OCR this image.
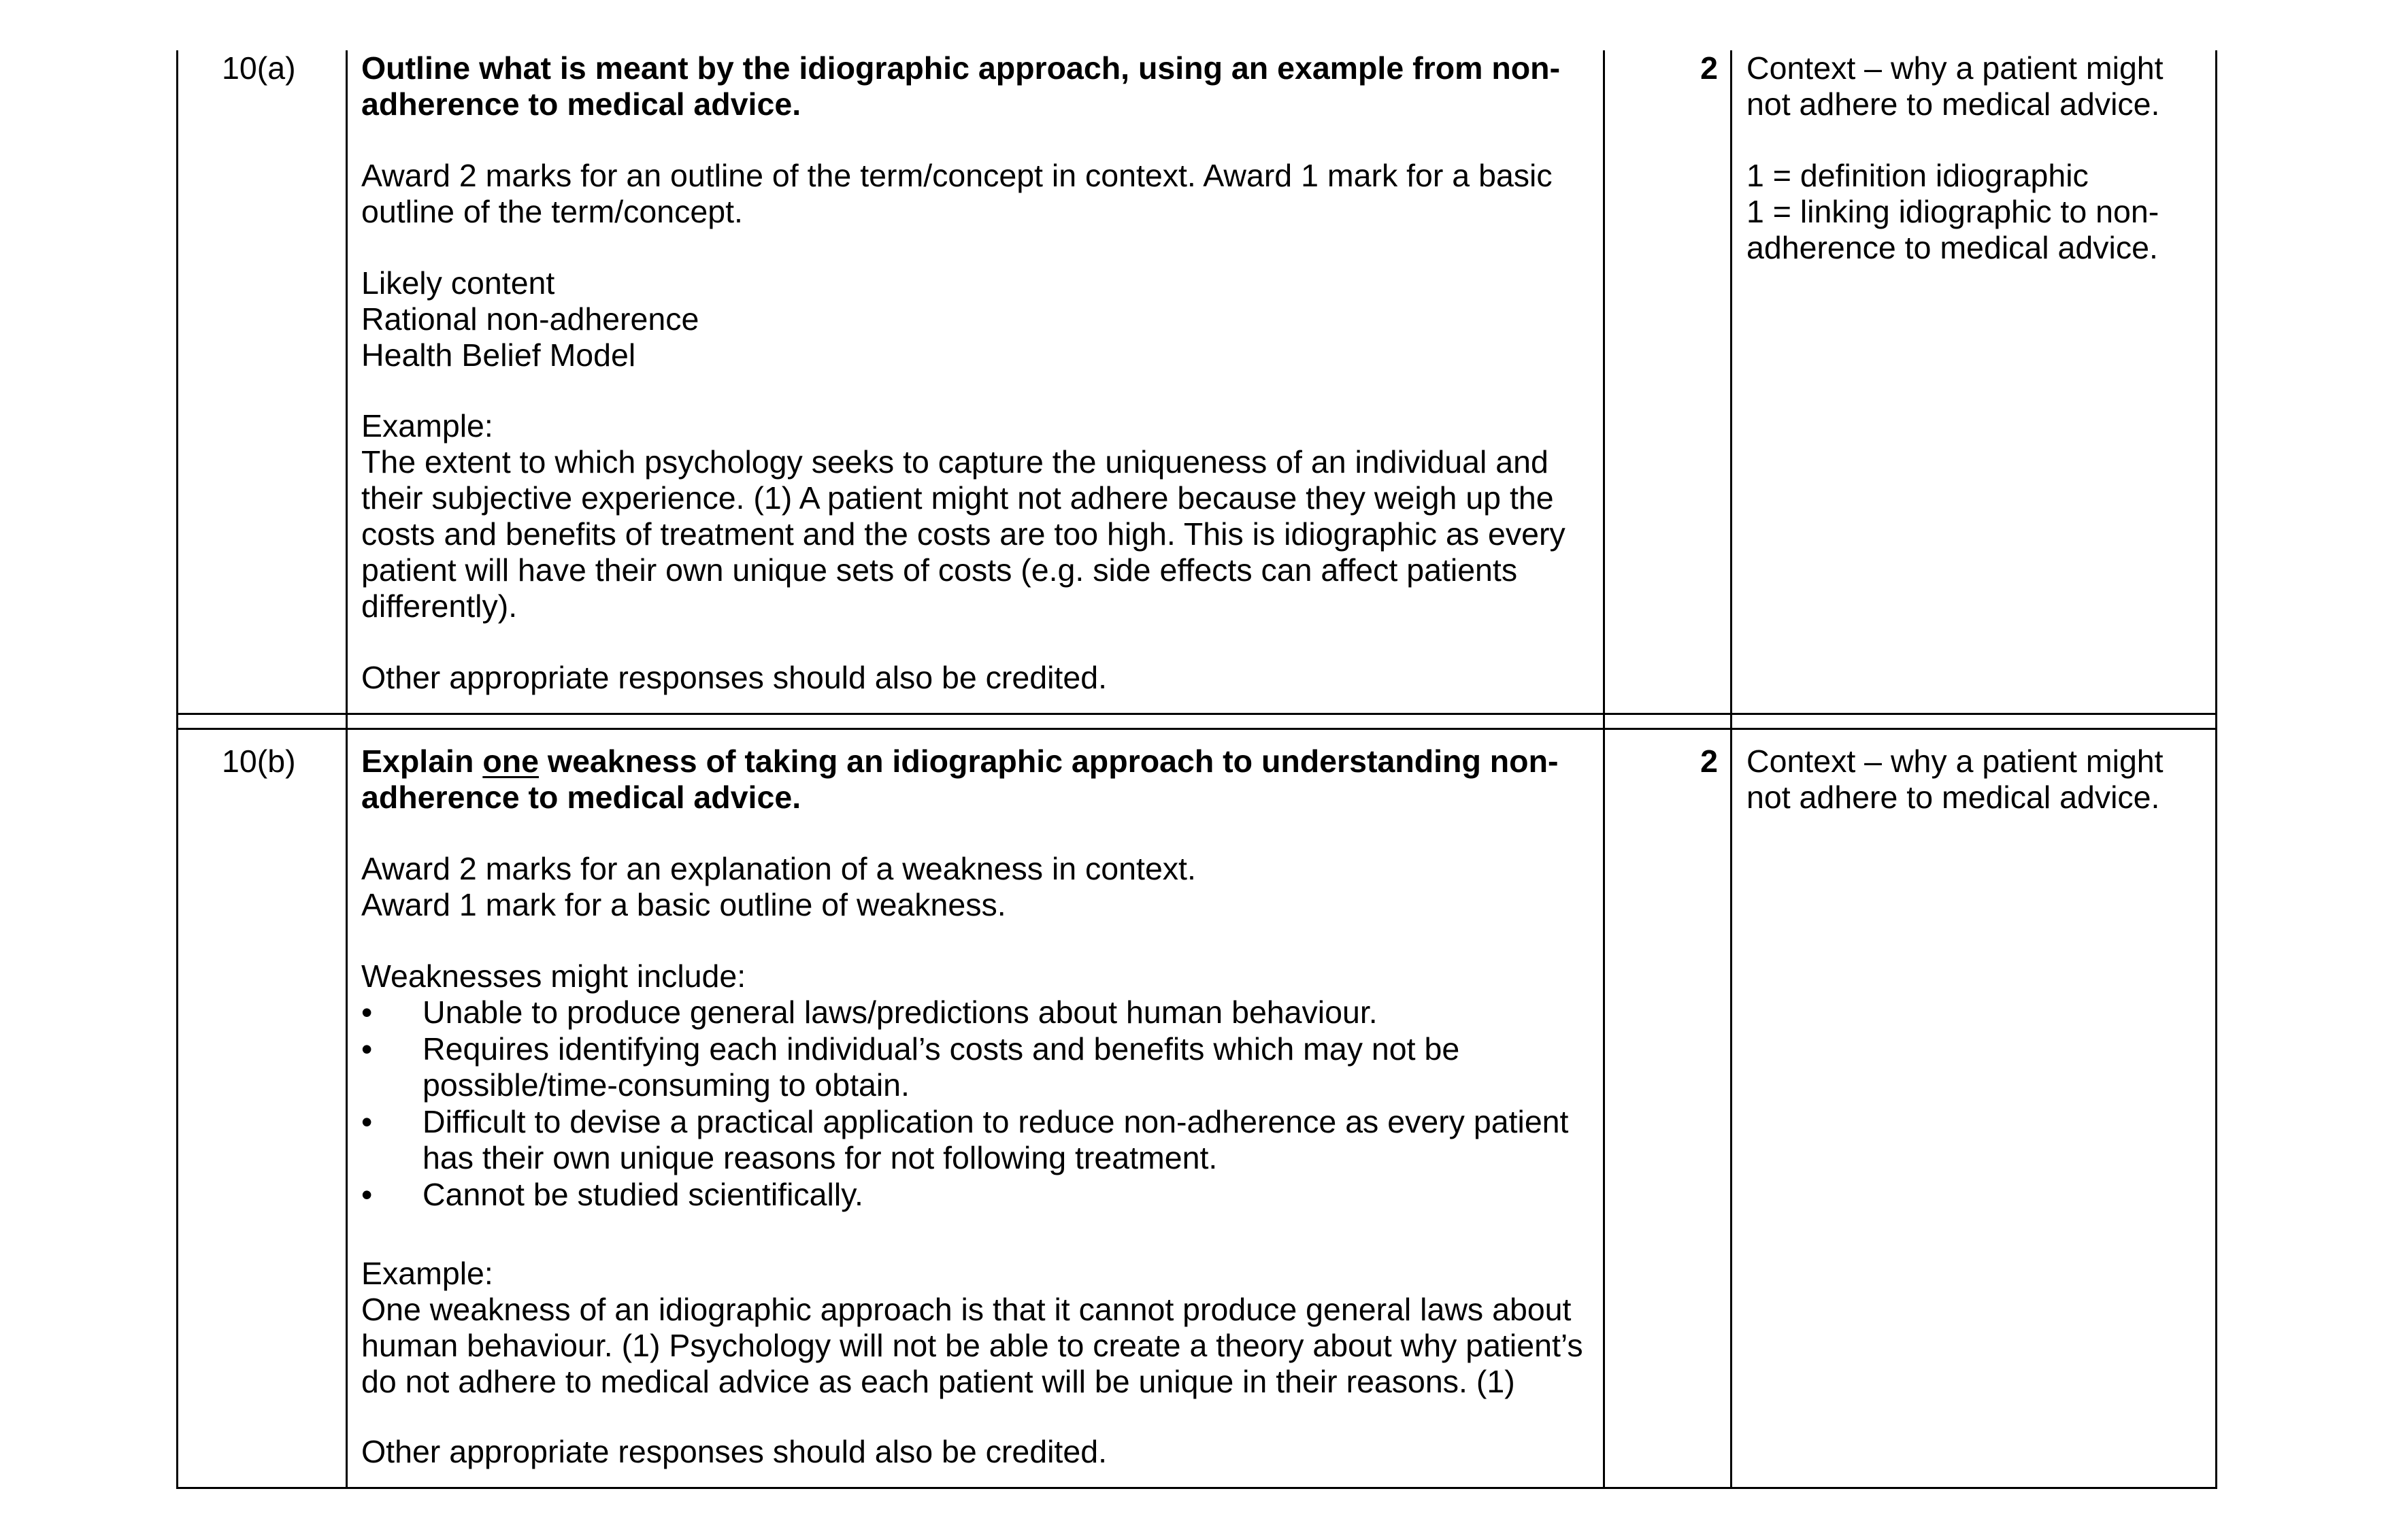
10(a) Outline what is meant by the idiographic approach, using an example from non-
adherence to medical advice.
Award 2 marks for an outline of the term/concept in context. Award 1 mark for a basic
outline of the term/concept.
Likely content
Rational non-adherence
Health Belief Model
Example:
The extent to which psychology seeks to capture the uniqueness of an individual and
their subjective experience. (1) A patient might not adhere because they weigh up the
costs and benefits of treatment and the costs are too high. This is idiographic as every
patient will have their own unique sets of costs (e.g. side effects can affect patients
differently).
Other appropriate responses should also be credited.
2 Context – why a patient might
not adhere to medical advice.
1 = definition idiographic
1 = linking idiographic to non-
adherence to medical advice.
10(b) Explain one weakness of taking an idiographic approach to understanding non-
adherence to medical advice.
Award 2 marks for an explanation of a weakness in context.
Award 1 mark for a basic outline of weakness.
Weaknesses might include:
• Unable to produce general laws/predictions about human behaviour.
• Requires identifying each individual’s costs and benefits which may not be
possible/time-consuming to obtain.
• Difficult to devise a practical application to reduce non-adherence as every patient
has their own unique reasons for not following treatment.
• Cannot be studied scientifically.
Example:
One weakness of an idiographic approach is that it cannot produce general laws about
human behaviour. (1) Psychology will not be able to create a theory about why patient’s
do not adhere to medical advice as each patient will be unique in their reasons. (1)
Other appropriate responses should also be credited.
2 Context – why a patient might
not adhere to medical advice.
